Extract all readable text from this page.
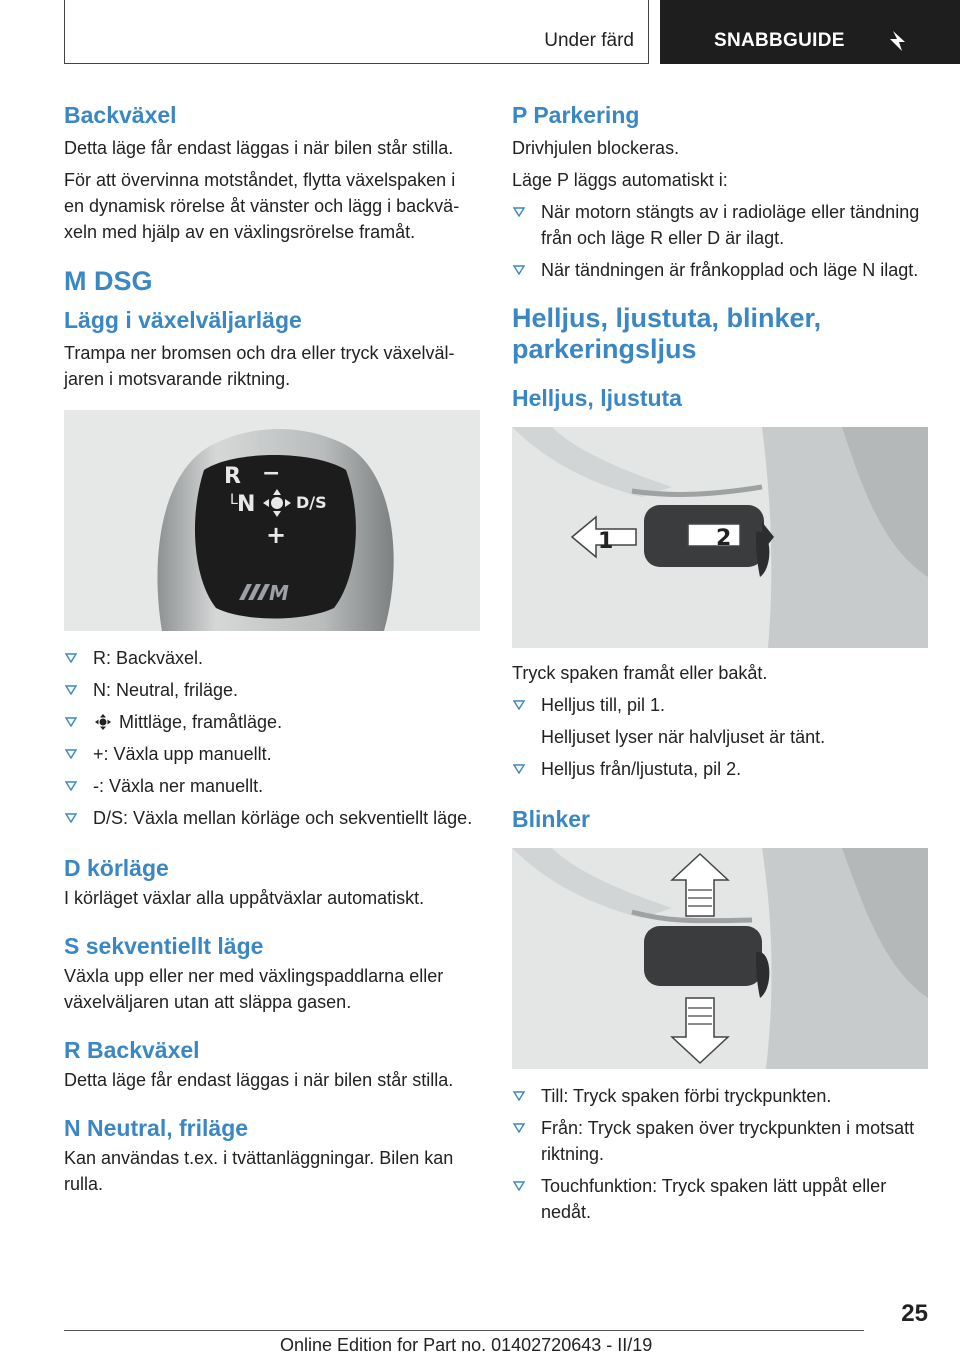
Under färd	SNABBGUIDE
Backväxel

Detta läge får endast läggas i när bilen står stilla.

För att övervinna motståndet, flytta växelspaken i en dynamisk rörelse åt vänster och lägg i backväxeln med hjälp av en växlingsrörelse framåt.

M DSG
Lägg i växelväljarläge

Trampa ner bromsen och dra eller tryck växelväljaren i motsvarande riktning.

R −
L N	D/S
+
M
R: Backväxel.
N: Neutral, friläge.
Mittläge, framåtläge.
+: Växla upp manuellt.
-: Växla ner manuellt.
D/S: Växla mellan körläge och sekventiellt läge.
D körläge

I körläget växlar alla uppåtväxlar automatiskt.

S sekventiellt läge

Växla upp eller ner med växlingspaddlarna eller växelväljaren utan att släppa gasen.

R Backväxel

Detta läge får endast läggas i när bilen står stilla.

N Neutral, friläge

Kan användas t.ex. i tvättanläggningar. Bilen kan rulla.

P Parkering

Drivhjulen blockeras.

Läge P läggs automatiskt i:

När motorn stängts av i radioläge eller tändning från och läge R eller D är ilagt.
När tändningen är frånkopplad och läge N ilagt.
Helljus, ljustuta, blinker, parkeringsljus
Helljus, ljustuta
1	2

Tryck spaken framåt eller bakåt.

Helljus till, pil 1.
Helljuset lyser när halvljuset är tänt.
Helljus från/ljustuta, pil 2.
Blinker
Till: Tryck spaken förbi tryckpunkten.
Från: Tryck spaken över tryckpunkten i motsatt riktning.
Touchfunktion: Tryck spaken lätt uppåt eller nedåt.
25
Online Edition for Part no. 01402720643 - II/19
